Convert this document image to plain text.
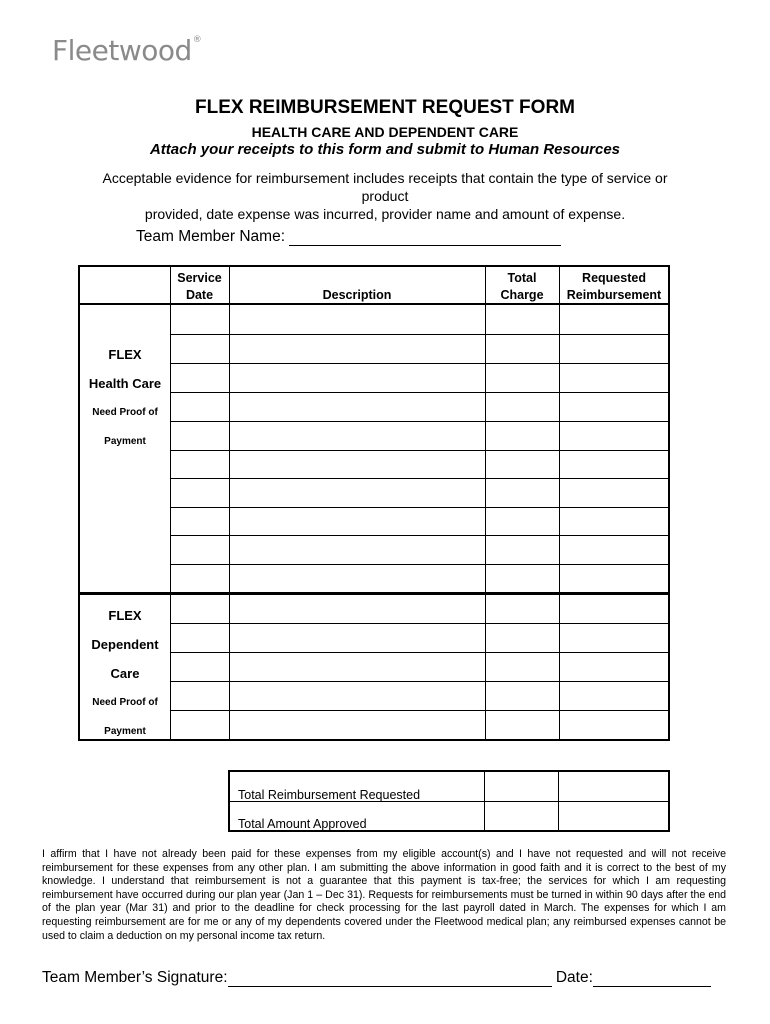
Fleetwood®
FLEX REIMBURSEMENT REQUEST FORM
HEALTH CARE AND DEPENDENT CARE
Attach your receipts to this form and submit to Human Resources
Acceptable evidence for reimbursement includes receipts that contain the type of service or product
provided, date expense was incurred, provider name and amount of expense.
Team Member Name:
Service
Date	Description
Total
Charge
Requested
Reimbursement
FLEX
Health Care
Need Proof of
Payment
FLEX
Dependent
Care
Need Proof of
Payment
Total Reimbursement Requested
Total Amount Approved
I affirm that I have not already been paid for these expenses from my eligible account(s) and I have not requested and will not receive reimbursement for these expenses from any other plan. I am submitting the above information in good faith and it is correct to the best of my knowledge. I understand that reimbursement is not a guarantee that this payment is tax-free; the services for which I am requesting reimbursement have occurred during our plan year (Jan 1 – Dec 31). Requests for reimbursements must be turned in within 90 days after the end of the plan year (Mar 31) and prior to the deadline for check processing for the last payroll dated in March. The expenses for which I am requesting reimbursement are for me or any of my dependents covered under the Fleetwood medical plan; any reimbursed expenses cannot be used to claim a deduction on my personal income tax return.
Team Member’s Signature:	Date:
